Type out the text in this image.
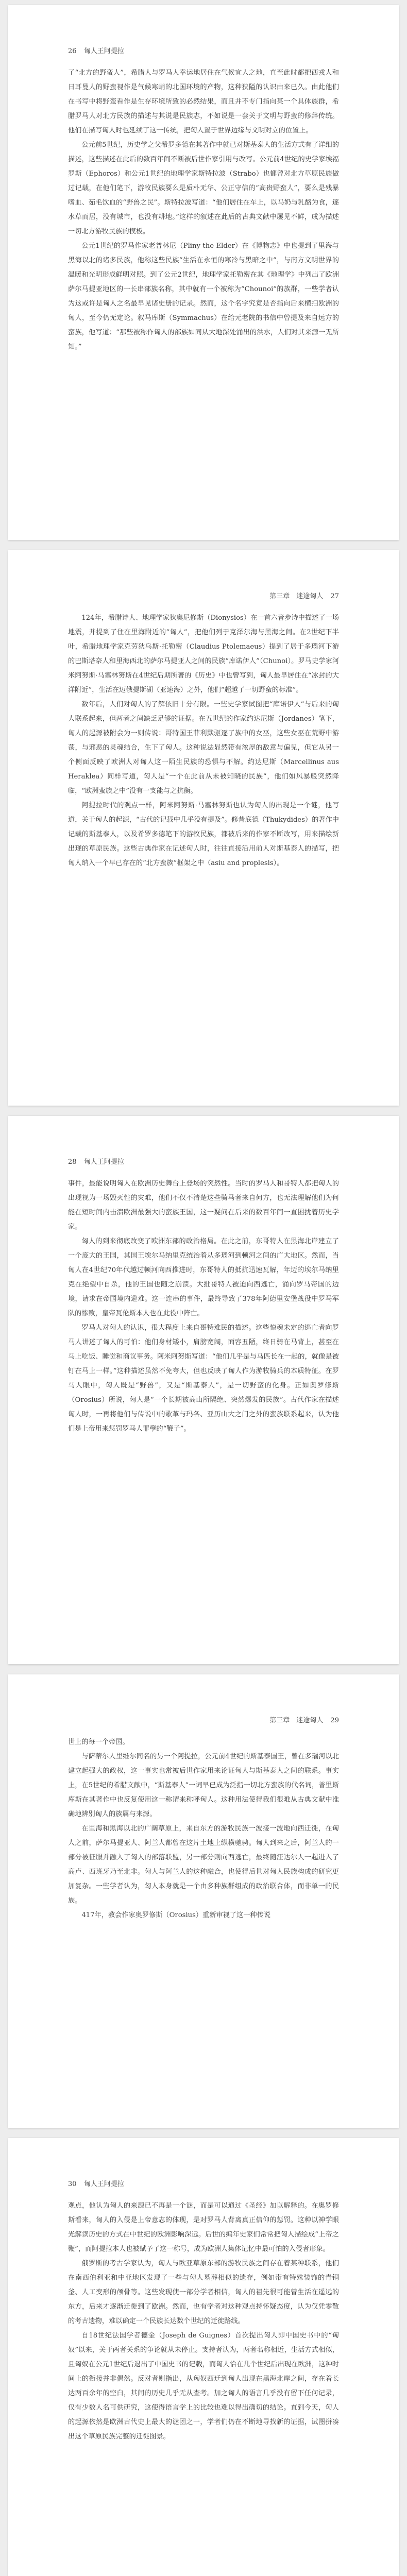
26 匈人王阿提拉

了“北方的野蛮人”，希腊人与罗马人幸运地居住在气候宜人之地，直至此时都把西戎人和日耳曼人的野蛮视作是气候寒峭的北国环境的产物，这种狭隘的认识由来已久。由此他们在书写中将野蛮看作是生存环境所致的必然结果，而且并不专门指向某一个具体族群，希腊罗马人对北方民族的描述与其说是民族志，不如说是一套关于文明与野蛮的修辞传统。他们在描写匈人时也延续了这一传统，把匈人置于世界边缘与文明对立的位置上。

公元前5世纪，历史学之父希罗多德在其著作中就已对斯基泰人的生活方式有了详细的描述，这些描述在此后的数百年间不断被后世作家引用与改写。公元前4世纪的史学家埃福罗斯（Ephoros）和公元1世纪的地理学家斯特拉波（Strabo）也都曾对北方草原民族做过记载，在他们笔下，游牧民族要么是质朴无华、公正守信的“高贵野蛮人”，要么是残暴嗜血、茹毛饮血的“野兽之民”。斯特拉波写道：“他们居住在车上，以马奶与乳酪为食，逐水草而居，没有城市，也没有耕地。”这样的叙述在此后的古典文献中屡见不鲜，成为描述一切北方游牧民族的模板。

公元1世纪的罗马作家老普林尼（Pliny the Elder）在《博物志》中也提到了里海与黑海以北的诸多民族，他称这些民族“生活在永恒的寒冷与黑暗之中”，与南方文明世界的温暖和光明形成鲜明对照。到了公元2世纪，地理学家托勒密在其《地理学》中列出了欧洲萨尔马提亚地区的一长串部族名称，其中就有一个被称为“Chounoi”的族群，一些学者认为这或许是匈人之名最早见诸史册的记录。然而，这个名字究竟是否指向后来横扫欧洲的匈人，至今仍无定论。叙马库斯（Symmachus）在给元老院的书信中曾提及来自远方的蛮族，他写道：“那些被称作匈人的部族如同从大地深处涌出的洪水，人们对其来源一无所知。”

第三章　迷途匈人 27

124年，希腊诗人、地理学家狄奥尼修斯（Dionysios）在一首六音步诗中描述了一场地震，并提到了住在里海附近的“匈人”，把他们列于克泽尔海与黑海之间。在2世纪下半叶，希腊地理学家克劳狄乌斯·托勒密（Claudius Ptolemaeus）提到了居于多瑙河下游的巴斯塔奈人和里海西北的萨尔马提亚人之间的民族“库诺伊人”（Chunoi）。罗马史学家阿米阿努斯·马塞林努斯在4世纪后期所著的《历史》中也曾写到，匈人最早居住在“冰封的大洋附近”，生活在迈俄提斯湖（亚速海）之外，他们“超越了一切野蛮的标准”。

数年后，人们对匈人的了解依旧十分有限。一些史学家试图把“库诺伊人”与后来的匈人联系起来，但两者之间缺乏足够的证据。在五世纪的作家约达尼斯（Jordanes）笔下，匈人的起源被附会为一则传说：哥特国王菲利默驱逐了族中的女巫，这些女巫在荒野中游荡，与邪恶的灵魂结合，生下了匈人。这种说法显然带有浓厚的敌意与偏见，但它从另一个侧面反映了欧洲人对匈人这一陌生民族的恐惧与不解。约达尼斯（Marcellinus aus Heraklea）同样写道，匈人是“一个在此前从未被知晓的民族”，他们如风暴般突然降临，“欧洲蛮族之中”没有一支能与之抗衡。

阿提拉时代的观点一样，阿米阿努斯·马塞林努斯也认为匈人的出现是一个谜，他写道，关于匈人的起源，“古代的记载中几乎没有提及”。修昔底德（Thukydides）的著作中记载的斯基泰人，以及希罗多德笔下的游牧民族，都被后来的作家不断改写，用来描绘新出现的草原民族。这些古典作家在记述匈人时，往往直接沿用前人对斯基泰人的描写，把匈人纳入一个早已存在的“北方蛮族”框架之中（asiu and proplesis）。

28 匈人王阿提拉

事件，最能说明匈人在欧洲历史舞台上登场的突然性。当时的罗马人和哥特人都把匈人的出现视为一场毁灭性的灾难，他们不仅不清楚这些骑马者来自何方，也无法理解他们为何能在短时间内击溃欧洲最强大的蛮族王国，这一疑问在后来的数百年间一直困扰着历史学家。

匈人的到来彻底改变了欧洲东部的政治格局。在此之前，东哥特人在黑海北岸建立了一个庞大的王国，其国王埃尔马纳里克统治着从多瑙河到顿河之间的广大地区。然而，当匈人在4世纪70年代越过顿河向西推进时，东哥特人的抵抗迅速瓦解，年迈的埃尔马纳里克在绝望中自杀，他的王国也随之崩溃。大批哥特人被迫向西逃亡，涌向罗马帝国的边境，请求在帝国境内避难。这一连串的事件，最终导致了378年阿德里安堡战役中罗马军队的惨败，皇帝瓦伦斯本人也在此役中阵亡。

罗马人对匈人的认识，很大程度上来自哥特难民的描述。这些惊魂未定的逃亡者向罗马人讲述了匈人的可怕：他们身材矮小，肩膀宽阔，面容丑陋，终日骑在马背上，甚至在马上吃饭、睡觉和商议事务。阿米阿努斯写道：“他们几乎是与马匹长在一起的，就像是被钉在马上一样。”这种描述虽然不免夸大，但也反映了匈人作为游牧骑兵的本质特征。在罗马人眼中，匈人既是“野兽”，又是“斯基泰人”，是一切野蛮的化身。正如奥罗修斯（Orosius）所说，匈人是“一个长期被高山所隔绝、突然爆发的民族”。古代作家在描述匈人时，一再将他们与传说中的歌革与玛各、亚历山大之门之外的蛮族联系起来，认为他们是上帝用来惩罚罗马人罪孽的“鞭子”。

第三章　迷途匈人 29

世上的每一个帝国。

与萨蒂尔人里维尔同名的另一个阿提拉，公元前4世纪的斯基泰国王，曾在多瑙河以北建立起强大的政权，这一事实也常被后世作家用来论证匈人与斯基泰人之间的联系。事实上，在5世纪的希腊文献中，“斯基泰人”一词早已成为泛指一切北方蛮族的代名词，普里斯库斯在其著作中也反复使用这一称谓来称呼匈人。这种用法使得我们很难从古典文献中准确地辨别匈人的族属与来源。

在里海和黑海以北的广阔草原上，来自东方的游牧民族一波接一波地向西迁徙，在匈人之前，萨尔马提亚人、阿兰人都曾在这片土地上纵横驰骋。匈人到来之后，阿兰人的一部分被征服并融入了匈人的部落联盟，另一部分则向西逃亡，最终随汪达尔人一起进入了高卢、西班牙乃至北非。匈人与阿兰人的这种融合，也使得后世对匈人民族构成的研究更加复杂。一些学者认为，匈人本身就是一个由多种族群组成的政治联合体，而非单一的民族。

417年，教会作家奥罗修斯（Orosius）重新审视了这一种传说

30 匈人王阿提拉

观点，他认为匈人的来源已不再是一个谜，而是可以通过《圣经》加以解释的。在奥罗修斯看来，匈人的入侵是上帝意志的体现，是对罗马人背离真正信仰的惩罚。这种以神学眼光解读历史的方式在中世纪的欧洲影响深远。后世的编年史家们常常把匈人描绘成“上帝之鞭”，而阿提拉本人也被赋予了这一称号，成为欧洲人集体记忆中最可怕的入侵者形象。

俄罗斯的考古学家认为，匈人与欧亚草原东部的游牧民族之间存在着某种联系，他们在南西伯利亚和中亚地区发现了一些与匈人墓葬相似的遗存，例如带有特殊装饰的青铜釜、人工变形的颅骨等。这些发现使一部分学者相信，匈人的祖先很可能曾生活在遥远的东方，后来才逐渐迁徙到了欧洲。然而，也有学者对这种观点持怀疑态度，认为仅凭零散的考古遗物，难以确定一个民族长达数个世纪的迁徙路线。

自18世纪法国学者德金（Joseph de Guignes）首次提出匈人即中国史书中的“匈奴”以来，关于两者关系的争论就从未停止。支持者认为，两者名称相近，生活方式相似，且匈奴在公元1世纪后退出了中国史书的记载，而匈人恰在几个世纪后出现在欧洲，这种时间上的衔接并非偶然。反对者则指出，从匈奴西迁到匈人出现在黑海北岸之间，存在着长达两百余年的空白，其间的历史几乎无从查考。加之匈人的语言几乎没有留下任何记录，仅有少数人名可供研究，这使得语言学上的比较也难以得出确切的结论。直到今天，匈人的起源依然是欧洲古代史上最大的谜团之一，学者们仍在不断地寻找新的证据，试图拼凑出这个草原民族完整的迁徙图景。
